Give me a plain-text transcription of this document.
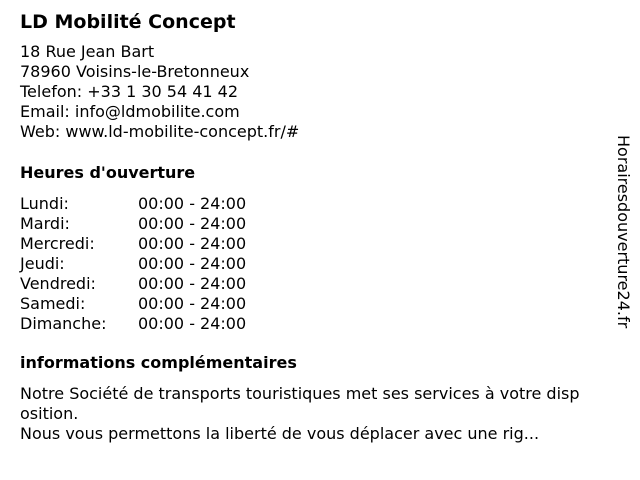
LD Mobilité Concept
18 Rue Jean Bart
78960 Voisins-le-Bretonneux
Telefon: +33 1 30 54 41 42
Email: info@ldmobilite.com
Web: www.ld-mobilite-concept.fr/#
Heures d'ouverture
Lundi:	00:00 - 24:00
Mardi:	00:00 - 24:00
Mercredi:	00:00 - 24:00
Jeudi:	00:00 - 24:00
Vendredi:	00:00 - 24:00
Samedi:	00:00 - 24:00
Dimanche:	00:00 - 24:00
informations complémentaires
Notre Société de transports touristiques met ses services à votre disp
osition.
Nous vous permettons la liberté de vous déplacer avec une rig...
Horairesdouverture24.fr
